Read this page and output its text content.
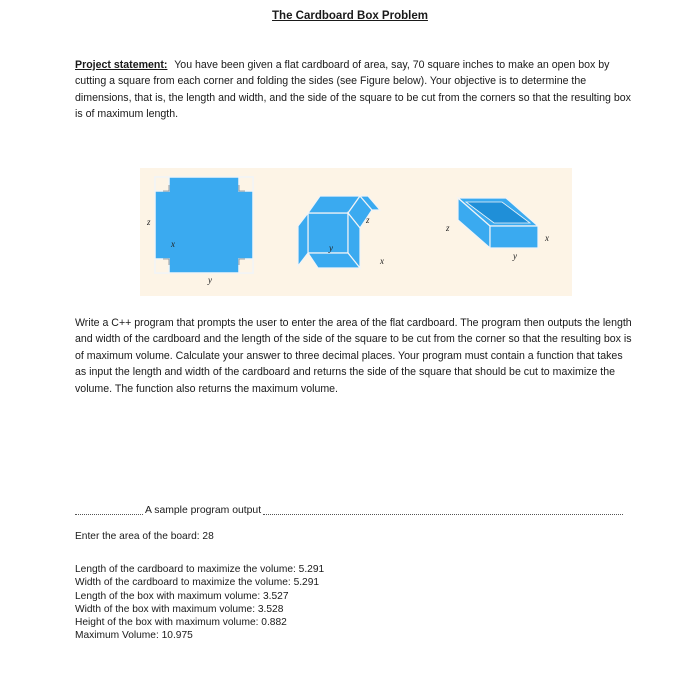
The Cardboard Box Problem
Project statement: You have been given a flat cardboard of area, say, 70 square inches to make an open box by cutting a square from each corner and folding the sides (see Figure below). Your objective is to determine the dimensions, that is, the length and width, and the side of the square to be cut from the corners so that the resulting box is of maximum length.
z
x
y
z
y
x
z
x
y
Write a C++ program that prompts the user to enter the area of the flat cardboard. The program then outputs the length and width of the cardboard and the length of the side of the square to be cut from the corner so that the resulting box is of maximum volume. Calculate your answer to three decimal places. Your program must contain a function that takes as input the length and width of the cardboard and returns the side of the square that should be cut to maximize the volume. The function also returns the maximum volume.
A sample program output
Enter the area of the board: 28
Length of the cardboard to maximize the volume: 5.291
Width of the cardboard to maximize the volume: 5.291
Length of the box with maximum volume: 3.527
Width of the box with maximum volume: 3.528
Height of the box with maximum volume: 0.882
Maximum Volume: 10.975
